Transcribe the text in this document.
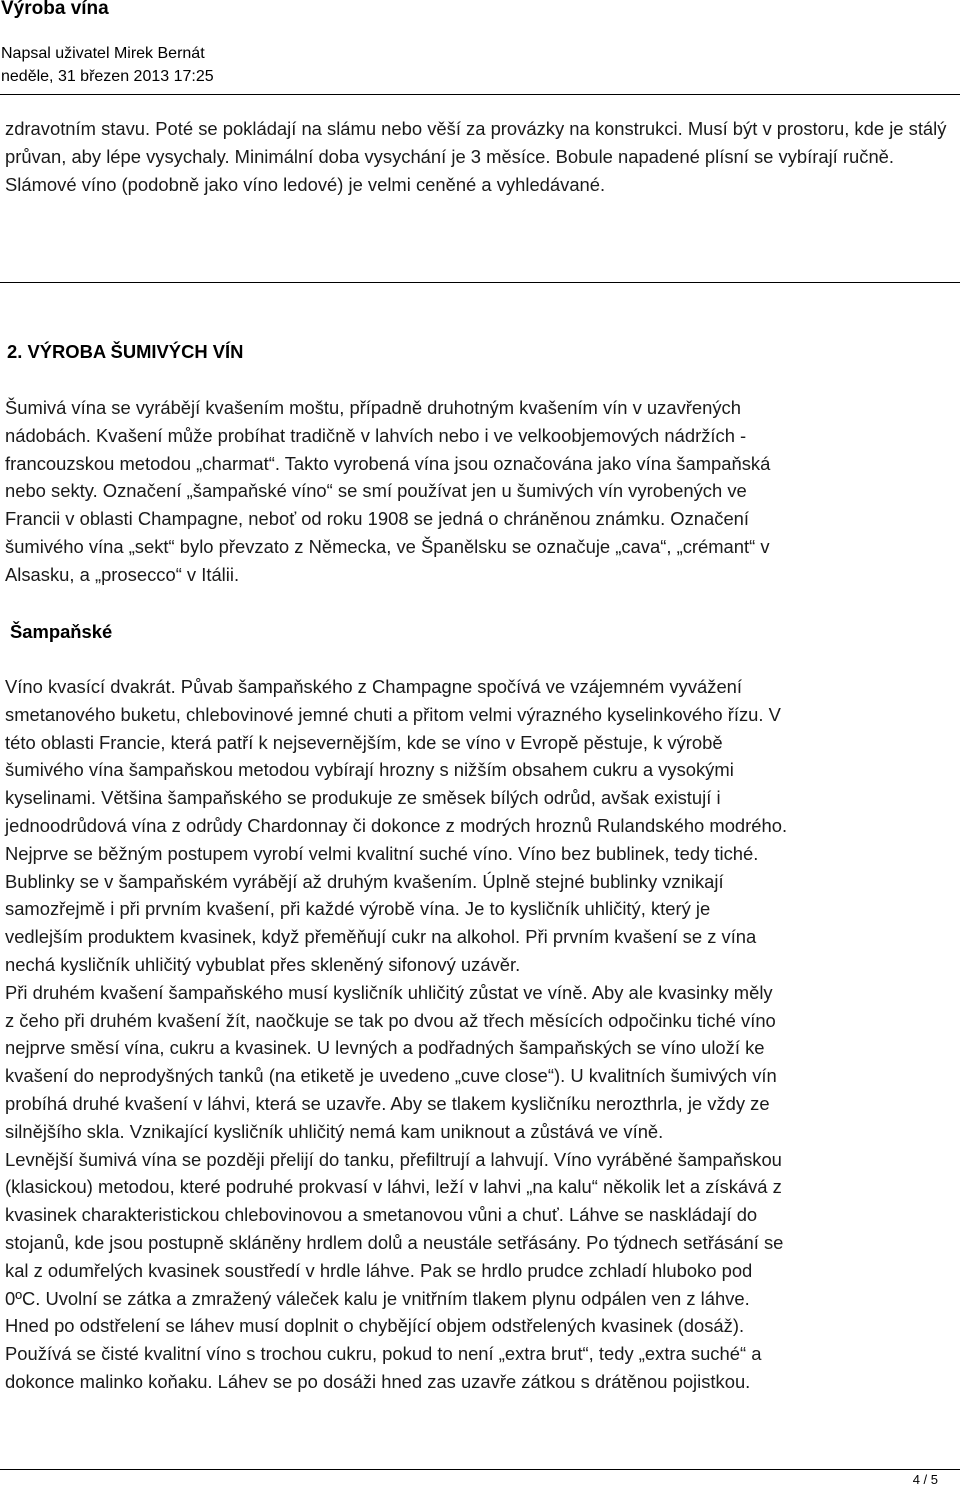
Výroba vína
Napsal uživatel Mirek Bernát
neděle, 31 březen 2013 17:25

zdravotním stavu. Poté se pokládají na slámu nebo věší za provázky na konstrukci. Musí být v prostoru, kde je stálý průvan, aby lépe vysychaly. Minimální doba vysychání je 3 měsíce. Bobule napadené plísní se vybírají ručně. Slámové víno (podobně jako víno ledové) je velmi ceněné a vyhledávané.

2. VÝROBA ŠUMIVÝCH VÍN
Šumivá vína se vyrábějí kvašením moštu, případně druhotným kvašením vín v uzavřených
nádobách. Kvašení může probíhat tradičně v lahvích nebo i ve velkoobjemových nádržích -
francouzskou metodou „charmat“. Takto vyrobená vína jsou označována jako vína šampaňská
nebo sekty. Označení „šampaňské víno“ se smí používat jen u šumivých vín vyrobených ve
Francii v oblasti Champagne, neboť od roku 1908 se jedná o chráněnou známku. Označení
šumivého vína „sekt“ bylo převzato z Německa, ve Španělsku se označuje „cava“, „crémant“ v
Alsasku, a „prosecco“ v Itálii.
Šampaňské
Víno kvasící dvakrát. Půvab šampaňského z Champagne spočívá ve vzájemném vyvážení
smetanového buketu, chlebovinové jemné chuti a přitom velmi výrazného kyselinkového řízu. V
této oblasti Francie, která patří k nejsevernějším, kde se víno v Evropě pěstuje, k výrobě
šumivého vína šampaňskou metodou vybírají hrozny s nižším obsahem cukru a vysokými
kyselinami. Většina šampaňského se produkuje ze směsek bílých odrůd, avšak existují i
jednoodrůdová vína z odrůdy Chardonnay či dokonce z modrých hroznů Rulandského modrého.
Nejprve se běžným postupem vyrobí velmi kvalitní suché víno. Víno bez bublinek, tedy tiché.
Bublinky se v šampaňském vyrábějí až druhým kvašením. Úplně stejné bublinky vznikají
samozřejmě i při prvním kvašení, při každé výrobě vína. Je to kysličník uhličitý, který je
vedlejším produktem kvasinek, když přeměňují cukr na alkohol. Při prvním kvašení se z vína
nechá kysličník uhličitý vybublat přes skleněný sifonový uzávěr.
Při druhém kvašení šampaňského musí kysličník uhličitý zůstat ve víně. Aby ale kvasinky měly
z čeho při druhém kvašení žít, naočkuje se tak po dvou až třech měsících odpočinku tiché víno
nejprve směsí vína, cukru a kvasinek. U levných a podřadných šampaňských se víno uloží ke
kvašení do neprodyšných tanků (na etiketě je uvedeno „cuve close“). U kvalitních šumivých vín
probíhá druhé kvašení v láhvi, která se uzavře. Aby se tlakem kysličníku nerozthrla, je vždy ze
silnějšího skla. Vznikající kysličník uhličitý nemá kam uniknout a zůstává ve víně.
Levnější šumivá vína se později přelijí do tanku, přefiltrují a lahvují. Víno vyráběné šampaňskou
(klasickou) metodou, které podruhé prokvasí v láhvi, leží v lahvi „na kalu“ několik let a získává z
kvasinek charakteristickou chlebovinovou a smetanovou vůni a chuť. Láhve se naskládají do
stojanů, kde jsou postupně skláпěny hrdlem dolů a neustále setřásány. Po týdnech setřásání se
kal z odumřelých kvasinek soustředí v hrdle láhve. Pak se hrdlo prudce zchladí hluboko pod
0ºC. Uvolní se zátka a zmražený váleček kalu je vnitřním tlakem plynu odpálen ven z láhve.
Hned po odstřelení se láhev musí doplnit o chybějící objem odstřelených kvasinek (dosáž).
Používá se čisté kvalitní víno s trochou cukru, pokud to není „extra brut“, tedy „extra suché“ a
dokonce malinko koňaku. Láhev se po dosáži hned zas uzavře zátkou s drátěnou pojistkou.
4 / 5
